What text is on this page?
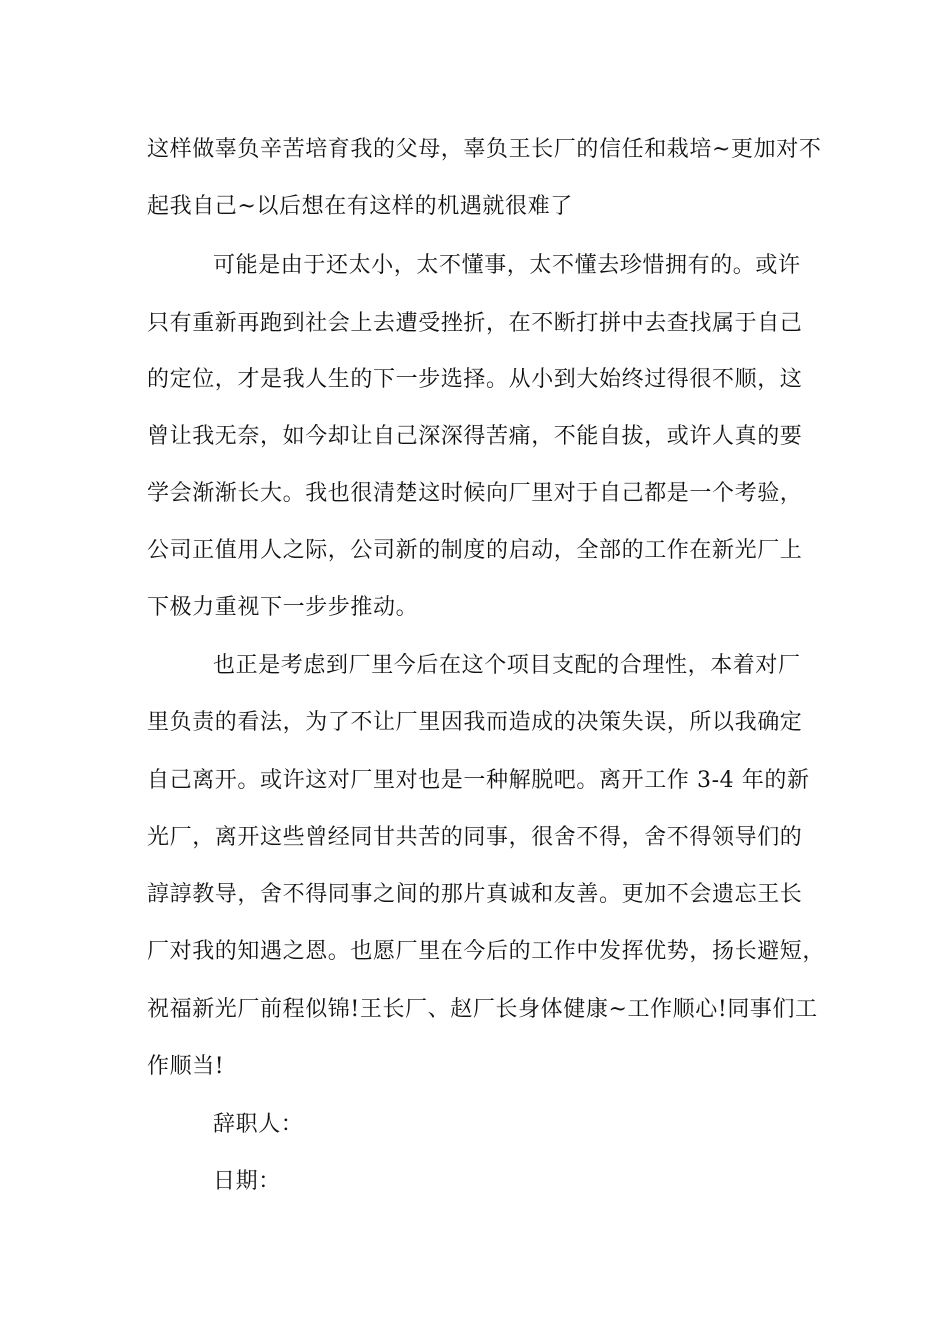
这样做辜负辛苦培育我的父母，辜负王长厂的信任和栽培~更加对不
起我自己~以后想在有这样的机遇就很难了
可能是由于还太小，太不懂事，太不懂去珍惜拥有的。或许
只有重新再跑到社会上去遭受挫折，在不断打拼中去查找属于自己
的定位，才是我人生的下一步选择。从小到大始终过得很不顺，这
曾让我无奈，如今却让自己深深得苦痛，不能自拔，或许人真的要
学会渐渐长大。我也很清楚这时候向厂里对于自己都是一个考验，
公司正值用人之际，公司新的制度的启动，全部的工作在新光厂上
下极力重视下一步步推动。
也正是考虑到厂里今后在这个项目支配的合理性，本着对厂
里负责的看法，为了不让厂里因我而造成的决策失误，所以我确定
自己离开。或许这对厂里对也是一种解脱吧。离开工作 3-4 年的新
光厂，离开这些曾经同甘共苦的同事，很舍不得，舍不得领导们的
諄諄教导，舍不得同事之间的那片真诚和友善。更加不会遗忘王长
厂对我的知遇之恩。也愿厂里在今后的工作中发挥优势，扬长避短，
祝福新光厂前程似锦!王长厂、赵厂长身体健康~工作顺心!同事们工
作顺当!
辞职人：
日期：
